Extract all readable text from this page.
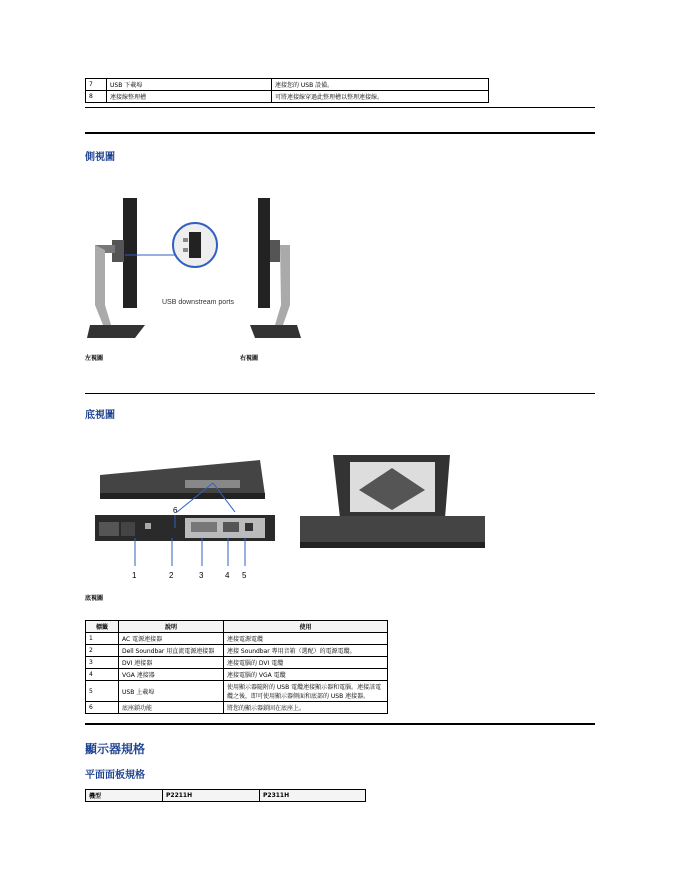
7	USB 下載埠	連接您的 USB 設備。
8	連接線整理槽	可將連接線穿過此整理槽以整理連接線。
側視圖
USB downstream ports
左視圖	右視圖
底視圖
6
1	2	3	4 5
底視圖
標籤	說明	使用
1	AC 電源連接器	連接電源電纜
2	Dell Soundbar 用直流電源連接器	連接 Soundbar 專用音箱（選配）的電源電纜。
3	DVI 連接器	連接電腦的 DVI 電纜
4	VGA 連接器	連接電腦的 VGA 電纜
5	USB 上載埠	使用顯示器隨附的 USB 電纜連接顯示器和電腦。連接該電纜之後，即可使用顯示器側面和底部的 USB 連接器。
6	底座鎖功能	將您的顯示器鎖固在底座上。
顯示器規格
平面面板規格
機型	P2211H	P2311H
